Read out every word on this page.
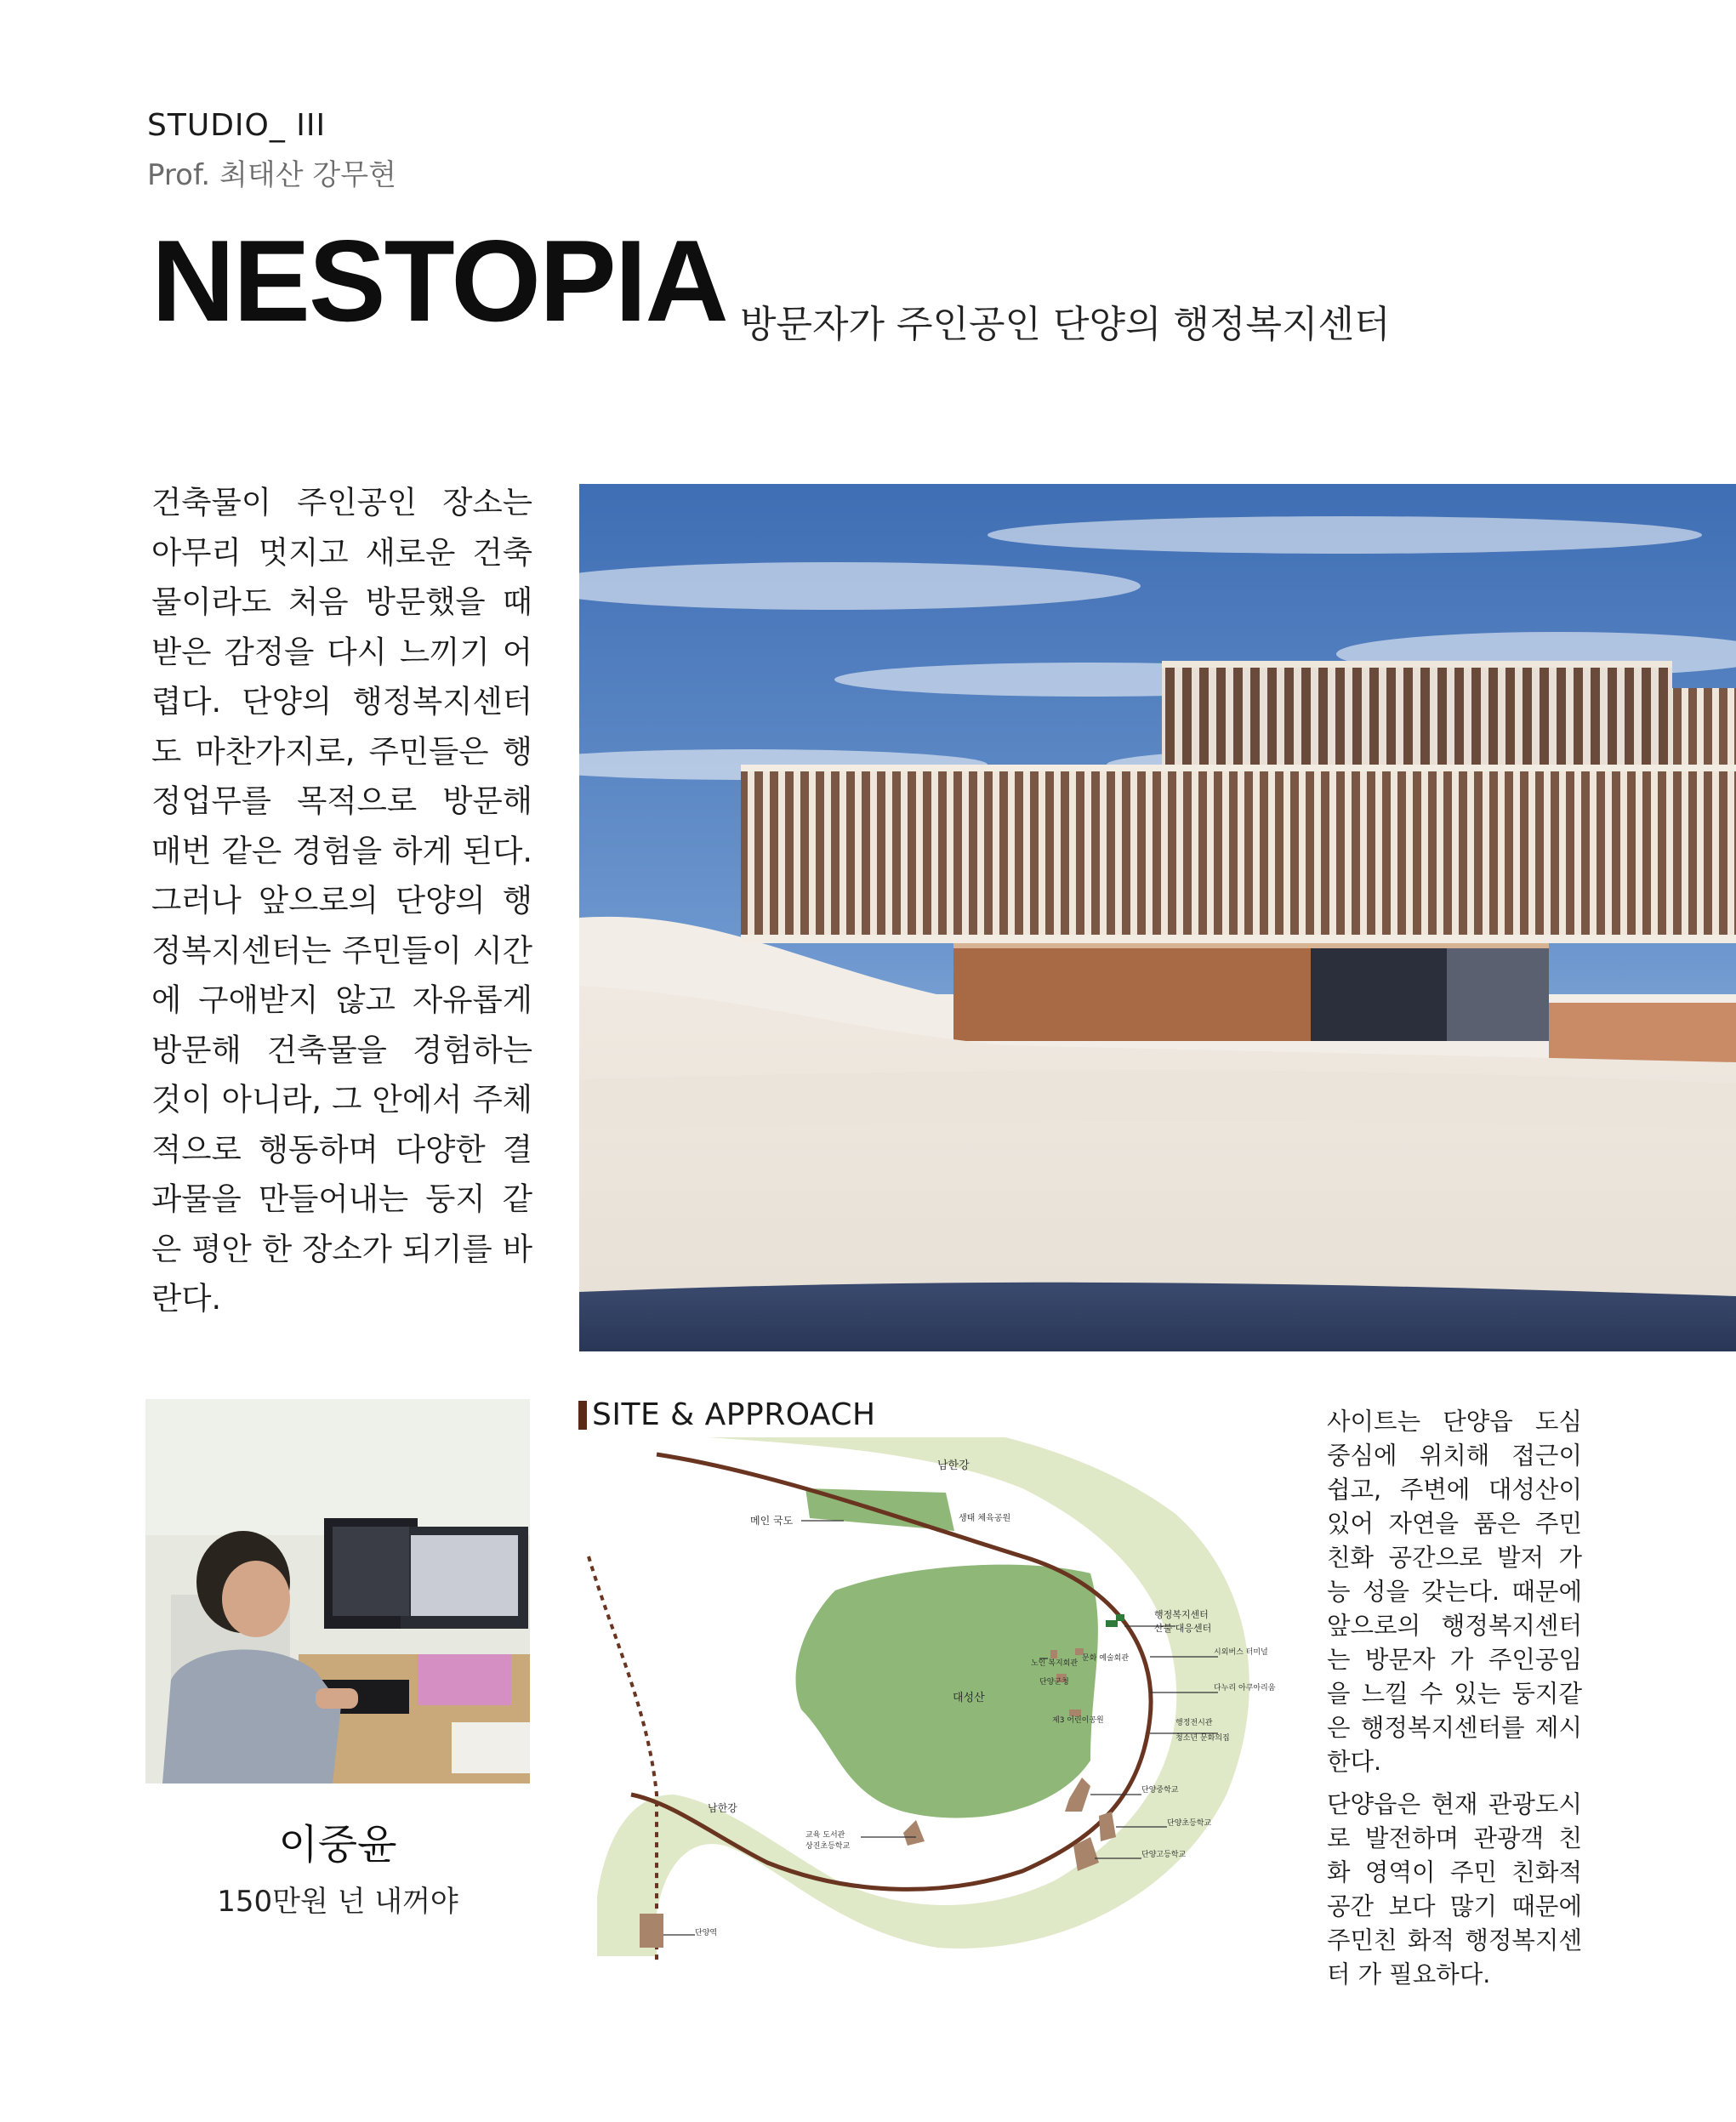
STUDIO_ III
Prof. 최태산 강무현
NESTOPIA 방문자가 주인공인 단양의 행정복지센터

건축물이 주인공인 장소는 아무리 멋지고 새로운 건축물이라도 처음 방문했을 때 받은 감정을 다시 느끼기 어렵다. 단양의 행정복지센터도 마찬가지로, 주민들은 행정업무를 목적으로 방문해 매번 같은 경험을 하게 된다. 그러나 앞으로의 단양의 행정복지센터는 주민들이 시간에 구애받지 않고 자유롭게 방문해 건축물을 경험하는 것이 아니라, 그 안에서 주체적으로 행동하며 다양한 결과물을 만들어내는 둥지 같은 평안 한 장소가 되기를 바란다.

이중윤
150만원 넌 내꺼야
SITE & APPROACH
남한강
생태 체육공원
메인 국도
대성산
행정복지센터
산불 대응센터
시외버스 터미널
다누리 아쿠아리움
노인 복지회관
문화 예술회관
단양군청
행정전시관
청소년 문화의집
제3 어린이공원
단양중학교
단양초등학교
단양고등학교
교육 도서관
상진초등학교
단양역
남한강

사이트는 단양읍 도심 중심에 위치해 접근이 쉽고, 주변에 대성산이 있어 자연을 품은 주민 친화 공간으로 발저 가능 성을 갖는다. 때문에 앞으로의 행정복지센터는 방문자 가 주인공임을 느낄 수 있는 둥지같은 행정복지센터를 제시한다.

단양읍은 현재 관광도시로 발전하며 관광객 친화 영역이 주민 친화적 공간 보다 많기 때문에 주민친 화적 행정복지센터 가 필요하다.
